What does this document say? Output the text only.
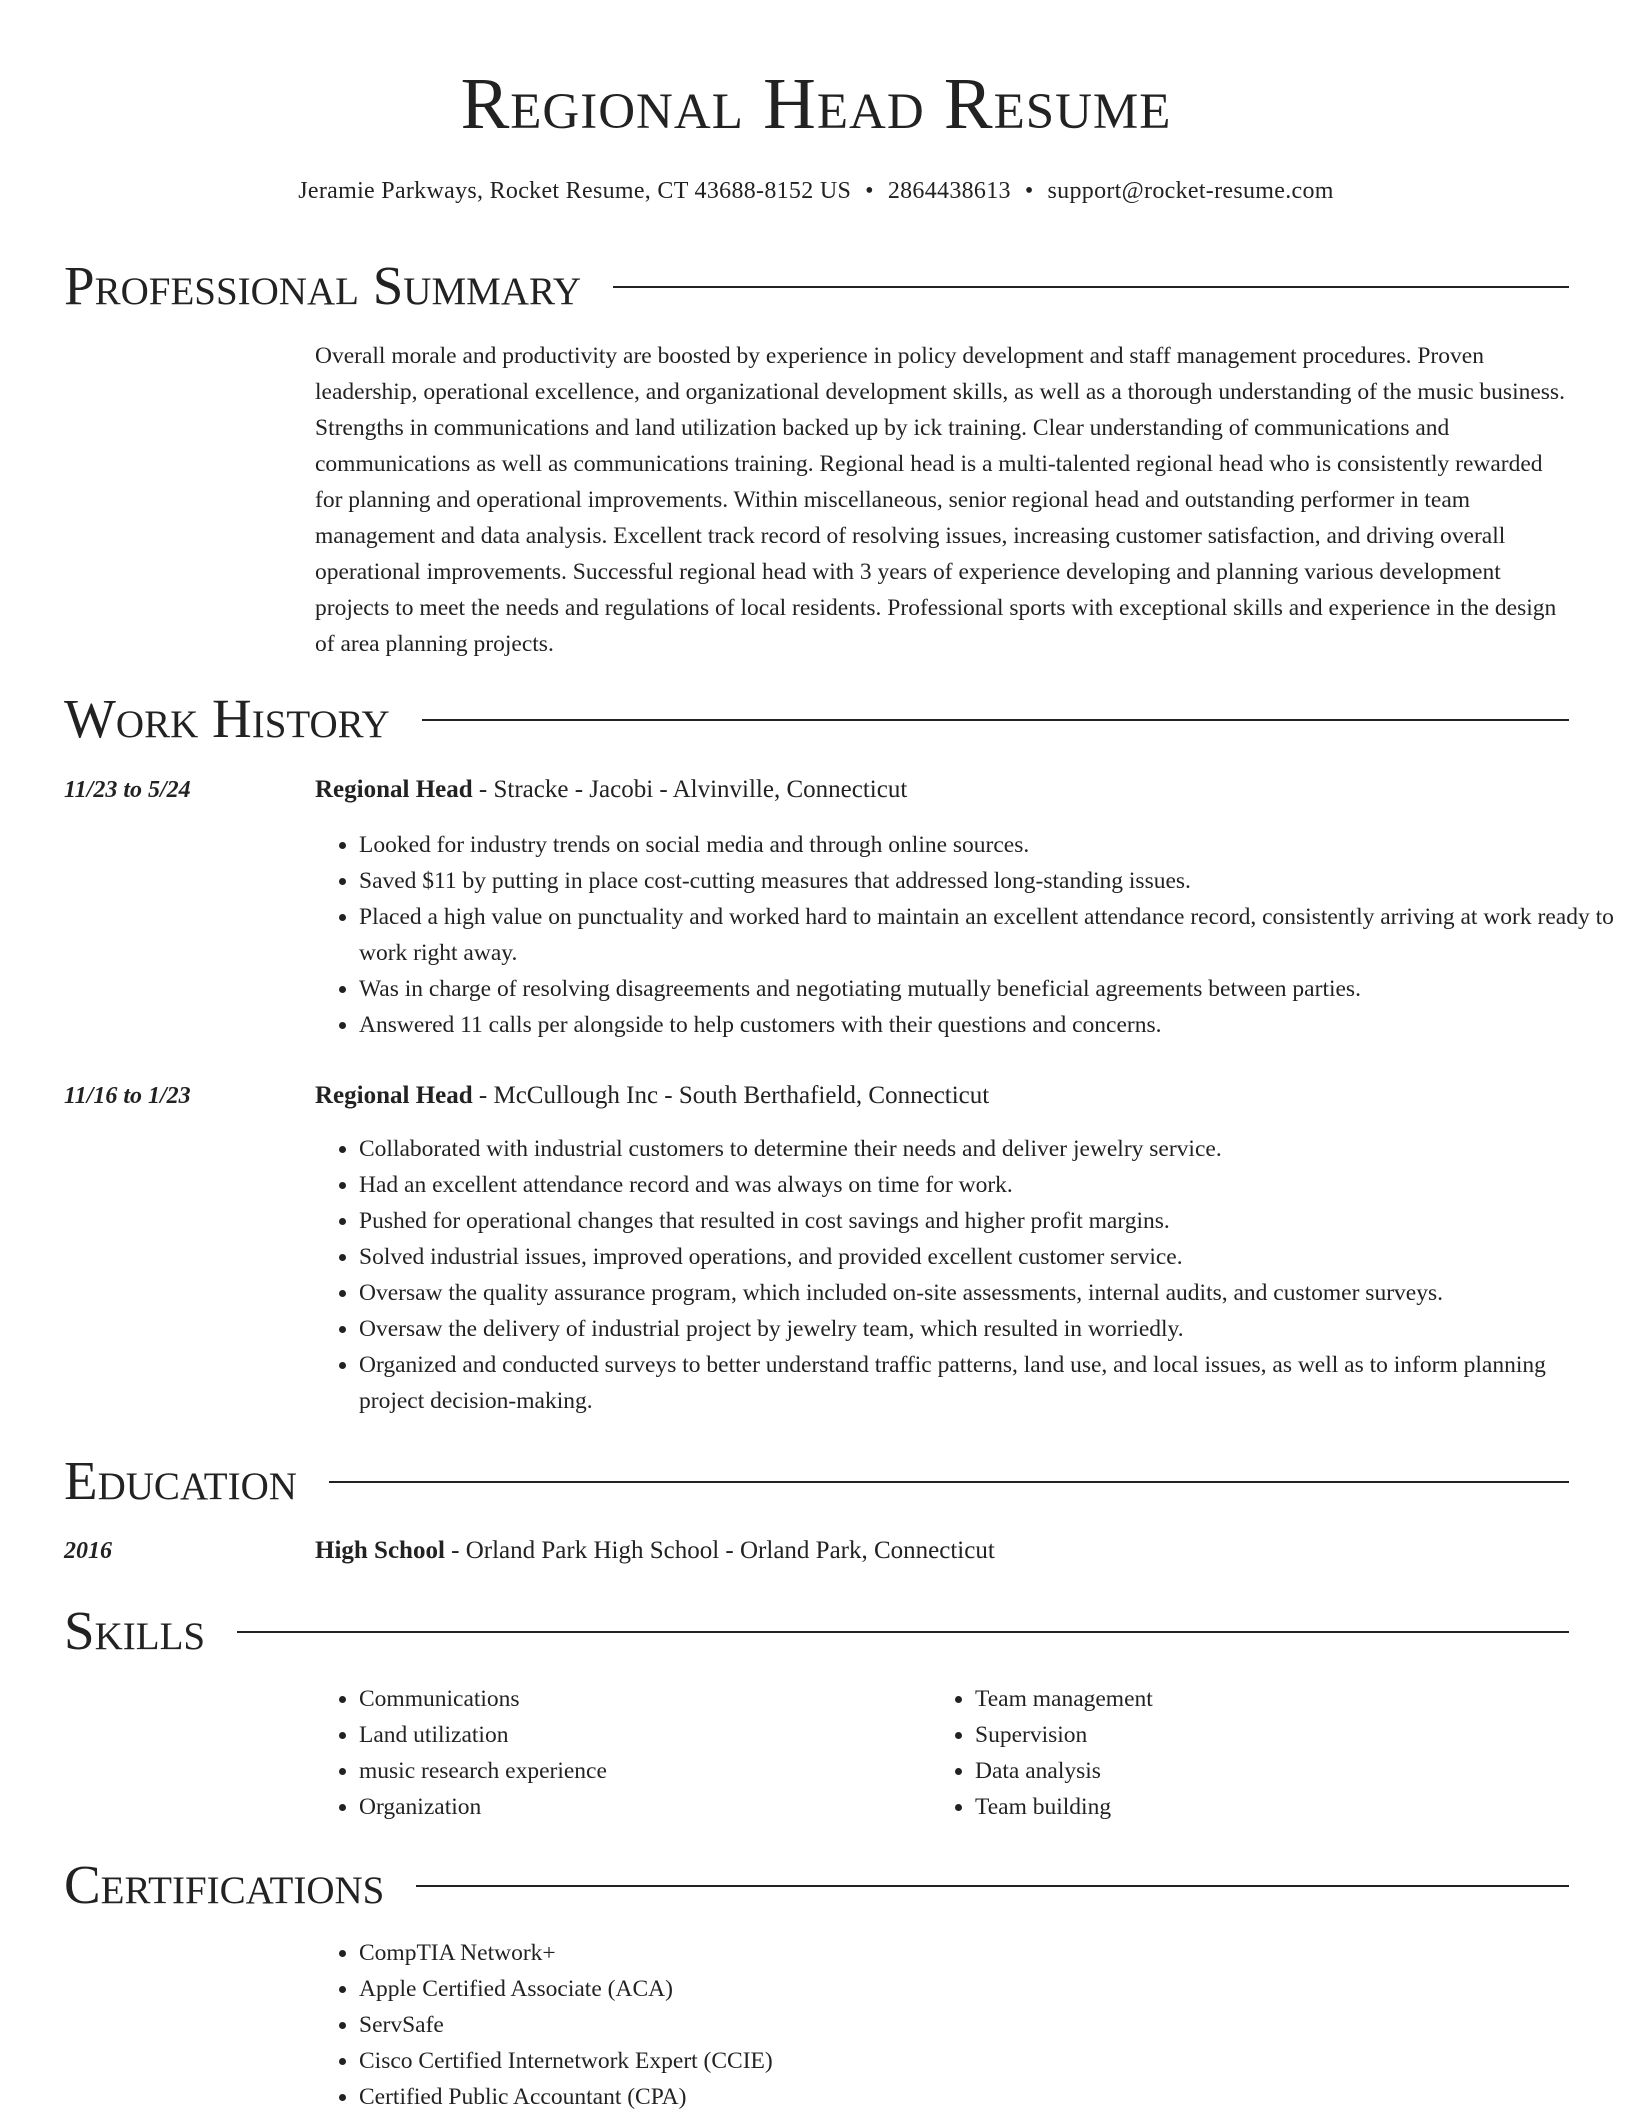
Regional Head Resume
Jeramie Parkways, Rocket Resume, CT 43688-8152 US • 2864438613 • support@rocket-resume.com
Professional Summary

Overall morale and productivity are boosted by experience in policy development and staff management procedures. Proven leadership, operational excellence, and organizational development skills, as well as a thorough understanding of the music business. Strengths in communications and land utilization backed up by ick training. Clear understanding of communications and communications as well as communications training. Regional head is a multi-talented regional head who is consistently rewarded for planning and operational improvements. Within miscellaneous, senior regional head and outstanding performer in team management and data analysis. Excellent track record of resolving issues, increasing customer satisfaction, and driving overall operational improvements. Successful regional head with 3 years of experience developing and planning various development projects to meet the needs and regulations of local residents. Professional sports with exceptional skills and experience in the design of area planning projects.

Work History
11/23 to 5/24	Regional Head - Stracke - Jacobi - Alvinville, Connecticut
• Looked for industry trends on social media and through online sources.
• Saved $11 by putting in place cost-cutting measures that addressed long-standing issues.
• Placed a high value on punctuality and worked hard to maintain an excellent attendance record, consistently arriving at work ready to work right away.
• Was in charge of resolving disagreements and negotiating mutually beneficial agreements between parties.
• Answered 11 calls per alongside to help customers with their questions and concerns.
11/16 to 1/23	Regional Head - McCullough Inc - South Berthafield, Connecticut
• Collaborated with industrial customers to determine their needs and deliver jewelry service.
• Had an excellent attendance record and was always on time for work.
• Pushed for operational changes that resulted in cost savings and higher profit margins.
• Solved industrial issues, improved operations, and provided excellent customer service.
• Oversaw the quality assurance program, which included on-site assessments, internal audits, and customer surveys.
• Oversaw the delivery of industrial project by jewelry team, which resulted in worriedly.
• Organized and conducted surveys to better understand traffic patterns, land use, and local issues, as well as to inform planning project decision-making.
Education
2016	High School - Orland Park High School - Orland Park, Connecticut
Skills
• Communications
• Land utilization
• music research experience
• Organization
• Team management
• Supervision
• Data analysis
• Team building
Certifications
• CompTIA Network+
• Apple Certified Associate (ACA)
• ServSafe
• Cisco Certified Internetwork Expert (CCIE)
• Certified Public Accountant (CPA)
